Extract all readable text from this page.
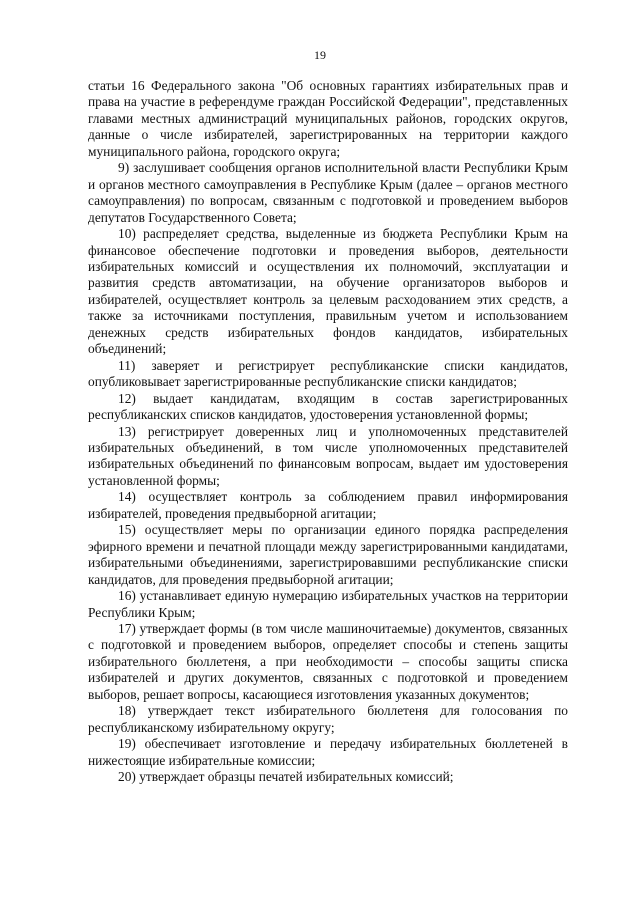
19

статьи 16 Федерального закона "Об основных гарантиях избирательных прав и права на участие в референдуме граждан Российской Федерации", представленных главами местных администраций муниципальных районов, городских округов, данные о числе избирателей, зарегистрированных на территории каждого муниципального района, городского округа;

9) заслушивает сообщения органов исполнительной власти Республики Крым и органов местного самоуправления в Республике Крым (далее – органов местного самоуправления) по вопросам, связанным с подготовкой и проведением выборов депутатов Государственного Совета;

10) распределяет средства, выделенные из бюджета Республики Крым на финансовое обеспечение подготовки и проведения выборов, деятельности избирательных комиссий и осуществления их полномочий, эксплуатации и развития средств автоматизации, на обучение организаторов выборов и избирателей, осуществляет контроль за целевым расходованием этих средств, а также за источниками поступления, правильным учетом и использованием денежных средств избирательных фондов кандидатов, избирательных объединений;

11) заверяет и регистрирует республиканские списки кандидатов, опубликовывает зарегистрированные республиканские списки кандидатов;

12) выдает кандидатам, входящим в состав зарегистрированных республиканских списков кандидатов, удостоверения установленной формы;

13) регистрирует доверенных лиц и уполномоченных представителей избирательных объединений, в том числе уполномоченных представителей избирательных объединений по финансовым вопросам, выдает им удостоверения установленной формы;

14) осуществляет контроль за соблюдением правил информирования избирателей, проведения предвыборной агитации;

15) осуществляет меры по организации единого порядка распределения эфирного времени и печатной площади между зарегистрированными кандидатами, избирательными объединениями, зарегистрировавшими республиканские списки кандидатов, для проведения предвыборной агитации;

16) устанавливает единую нумерацию избирательных участков на территории Республики Крым;

17) утверждает формы (в том числе машиночитаемые) документов, связанных с подготовкой и проведением выборов, определяет способы и степень защиты избирательного бюллетеня, а при необходимости – способы защиты списка избирателей и других документов, связанных с подготовкой и проведением выборов, решает вопросы, касающиеся изготовления указанных документов;

18) утверждает текст избирательного бюллетеня для голосования по республиканскому избирательному округу;

19) обеспечивает изготовление и передачу избирательных бюллетеней в нижестоящие избирательные комиссии;

20) утверждает образцы печатей избирательных комиссий;
